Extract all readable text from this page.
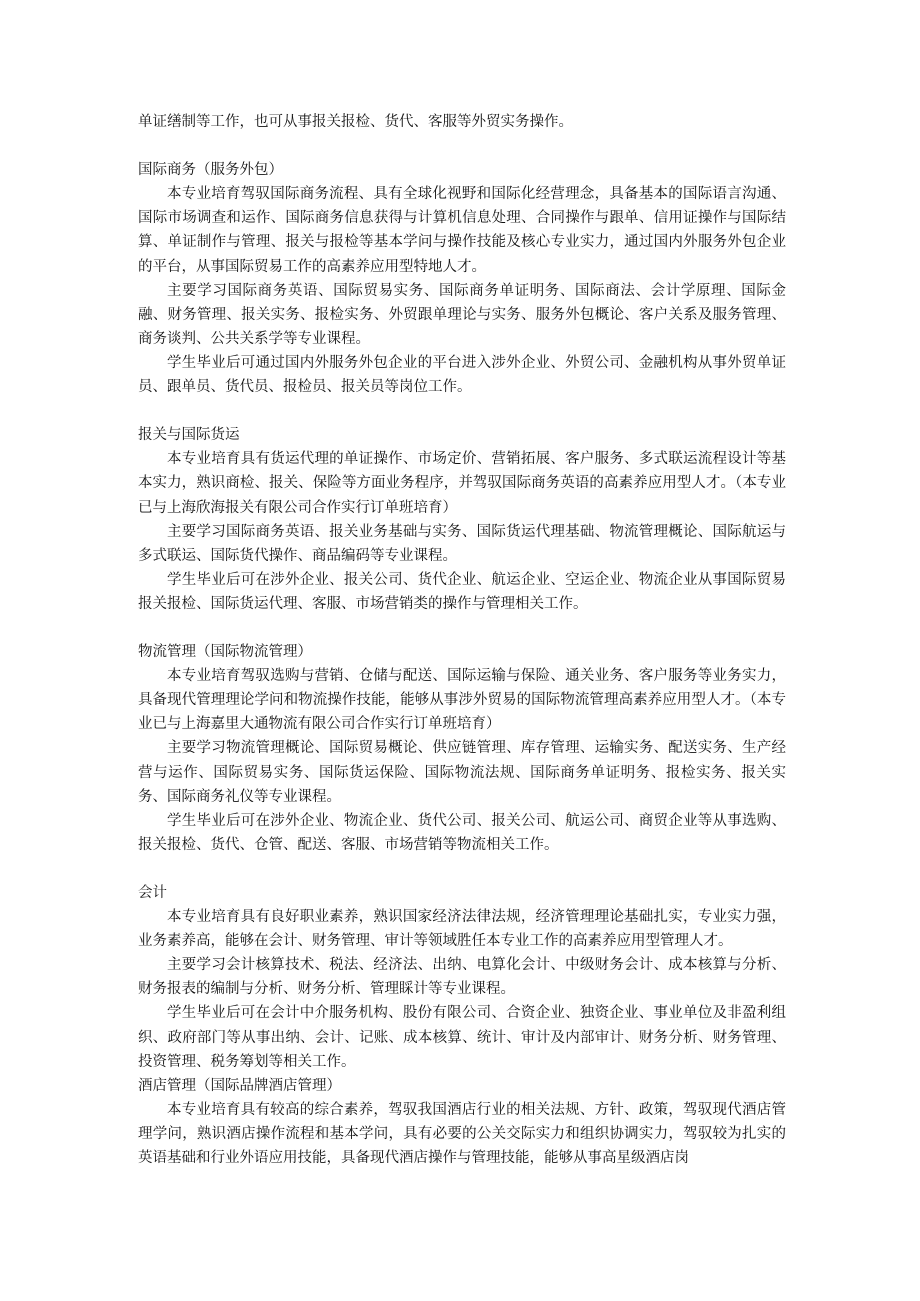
单证缮制等工作，也可从事报关报检、货代、客服等外贸实务操作。

国际商务（服务外包）

本专业培育驾驭国际商务流程、具有全球化视野和国际化经营理念，具备基本的国际语言沟通、国际市场调查和运作、国际商务信息获得与计算机信息处理、合同操作与跟单、信用证操作与国际结算、单证制作与管理、报关与报检等基本学问与操作技能及核心专业实力，通过国内外服务外包企业的平台，从事国际贸易工作的高素养应用型特地人才。

主要学习国际商务英语、国际贸易实务、国际商务单证明务、国际商法、会计学原理、国际金融、财务管理、报关实务、报检实务、外贸跟单理论与实务、服务外包概论、客户关系及服务管理、商务谈判、公共关系学等专业课程。

学生毕业后可通过国内外服务外包企业的平台进入涉外企业、外贸公司、金融机构从事外贸单证员、跟单员、货代员、报检员、报关员等岗位工作。

报关与国际货运

本专业培育具有货运代理的单证操作、市场定价、营销拓展、客户服务、多式联运流程设计等基本实力，熟识商检、报关、保险等方面业务程序，并驾驭国际商务英语的高素养应用型人才。（本专业已与上海欣海报关有限公司合作实行订单班培育）

主要学习国际商务英语、报关业务基础与实务、国际货运代理基础、物流管理概论、国际航运与多式联运、国际货代操作、商品编码等专业课程。

学生毕业后可在涉外企业、报关公司、货代企业、航运企业、空运企业、物流企业从事国际贸易报关报检、国际货运代理、客服、市场营销类的操作与管理相关工作。

物流管理（国际物流管理）

本专业培育驾驭选购与营销、仓储与配送、国际运输与保险、通关业务、客户服务等业务实力，具备现代管理理论学问和物流操作技能，能够从事涉外贸易的国际物流管理高素养应用型人才。（本专业已与上海嘉里大通物流有限公司合作实行订单班培育）

主要学习物流管理概论、国际贸易概论、供应链管理、库存管理、运输实务、配送实务、生产经营与运作、国际贸易实务、国际货运保险、国际物流法规、国际商务单证明务、报检实务、报关实务、国际商务礼仪等专业课程。

学生毕业后可在涉外企业、物流企业、货代公司、报关公司、航运公司、商贸企业等从事选购、报关报检、货代、仓管、配送、客服、市场营销等物流相关工作。

会计

本专业培育具有良好职业素养，熟识国家经济法律法规，经济管理理论基础扎实，专业实力强，业务素养高，能够在会计、财务管理、审计等领域胜任本专业工作的高素养应用型管理人才。

主要学习会计核算技术、税法、经济法、出纳、电算化会计、中级财务会计、成本核算与分析、财务报表的编制与分析、财务分析、管理睬计等专业课程。

学生毕业后可在会计中介服务机构、股份有限公司、合资企业、独资企业、事业单位及非盈利组织、政府部门等从事出纳、会计、记账、成本核算、统计、审计及内部审计、财务分析、财务管理、投资管理、税务筹划等相关工作。

酒店管理（国际品牌酒店管理）

本专业培育具有较高的综合素养，驾驭我国酒店行业的相关法规、方针、政策，驾驭现代酒店管理学问，熟识酒店操作流程和基本学问，具有必要的公关交际实力和组织协调实力，驾驭较为扎实的英语基础和行业外语应用技能，具备现代酒店操作与管理技能，能够从事高星级酒店岗
